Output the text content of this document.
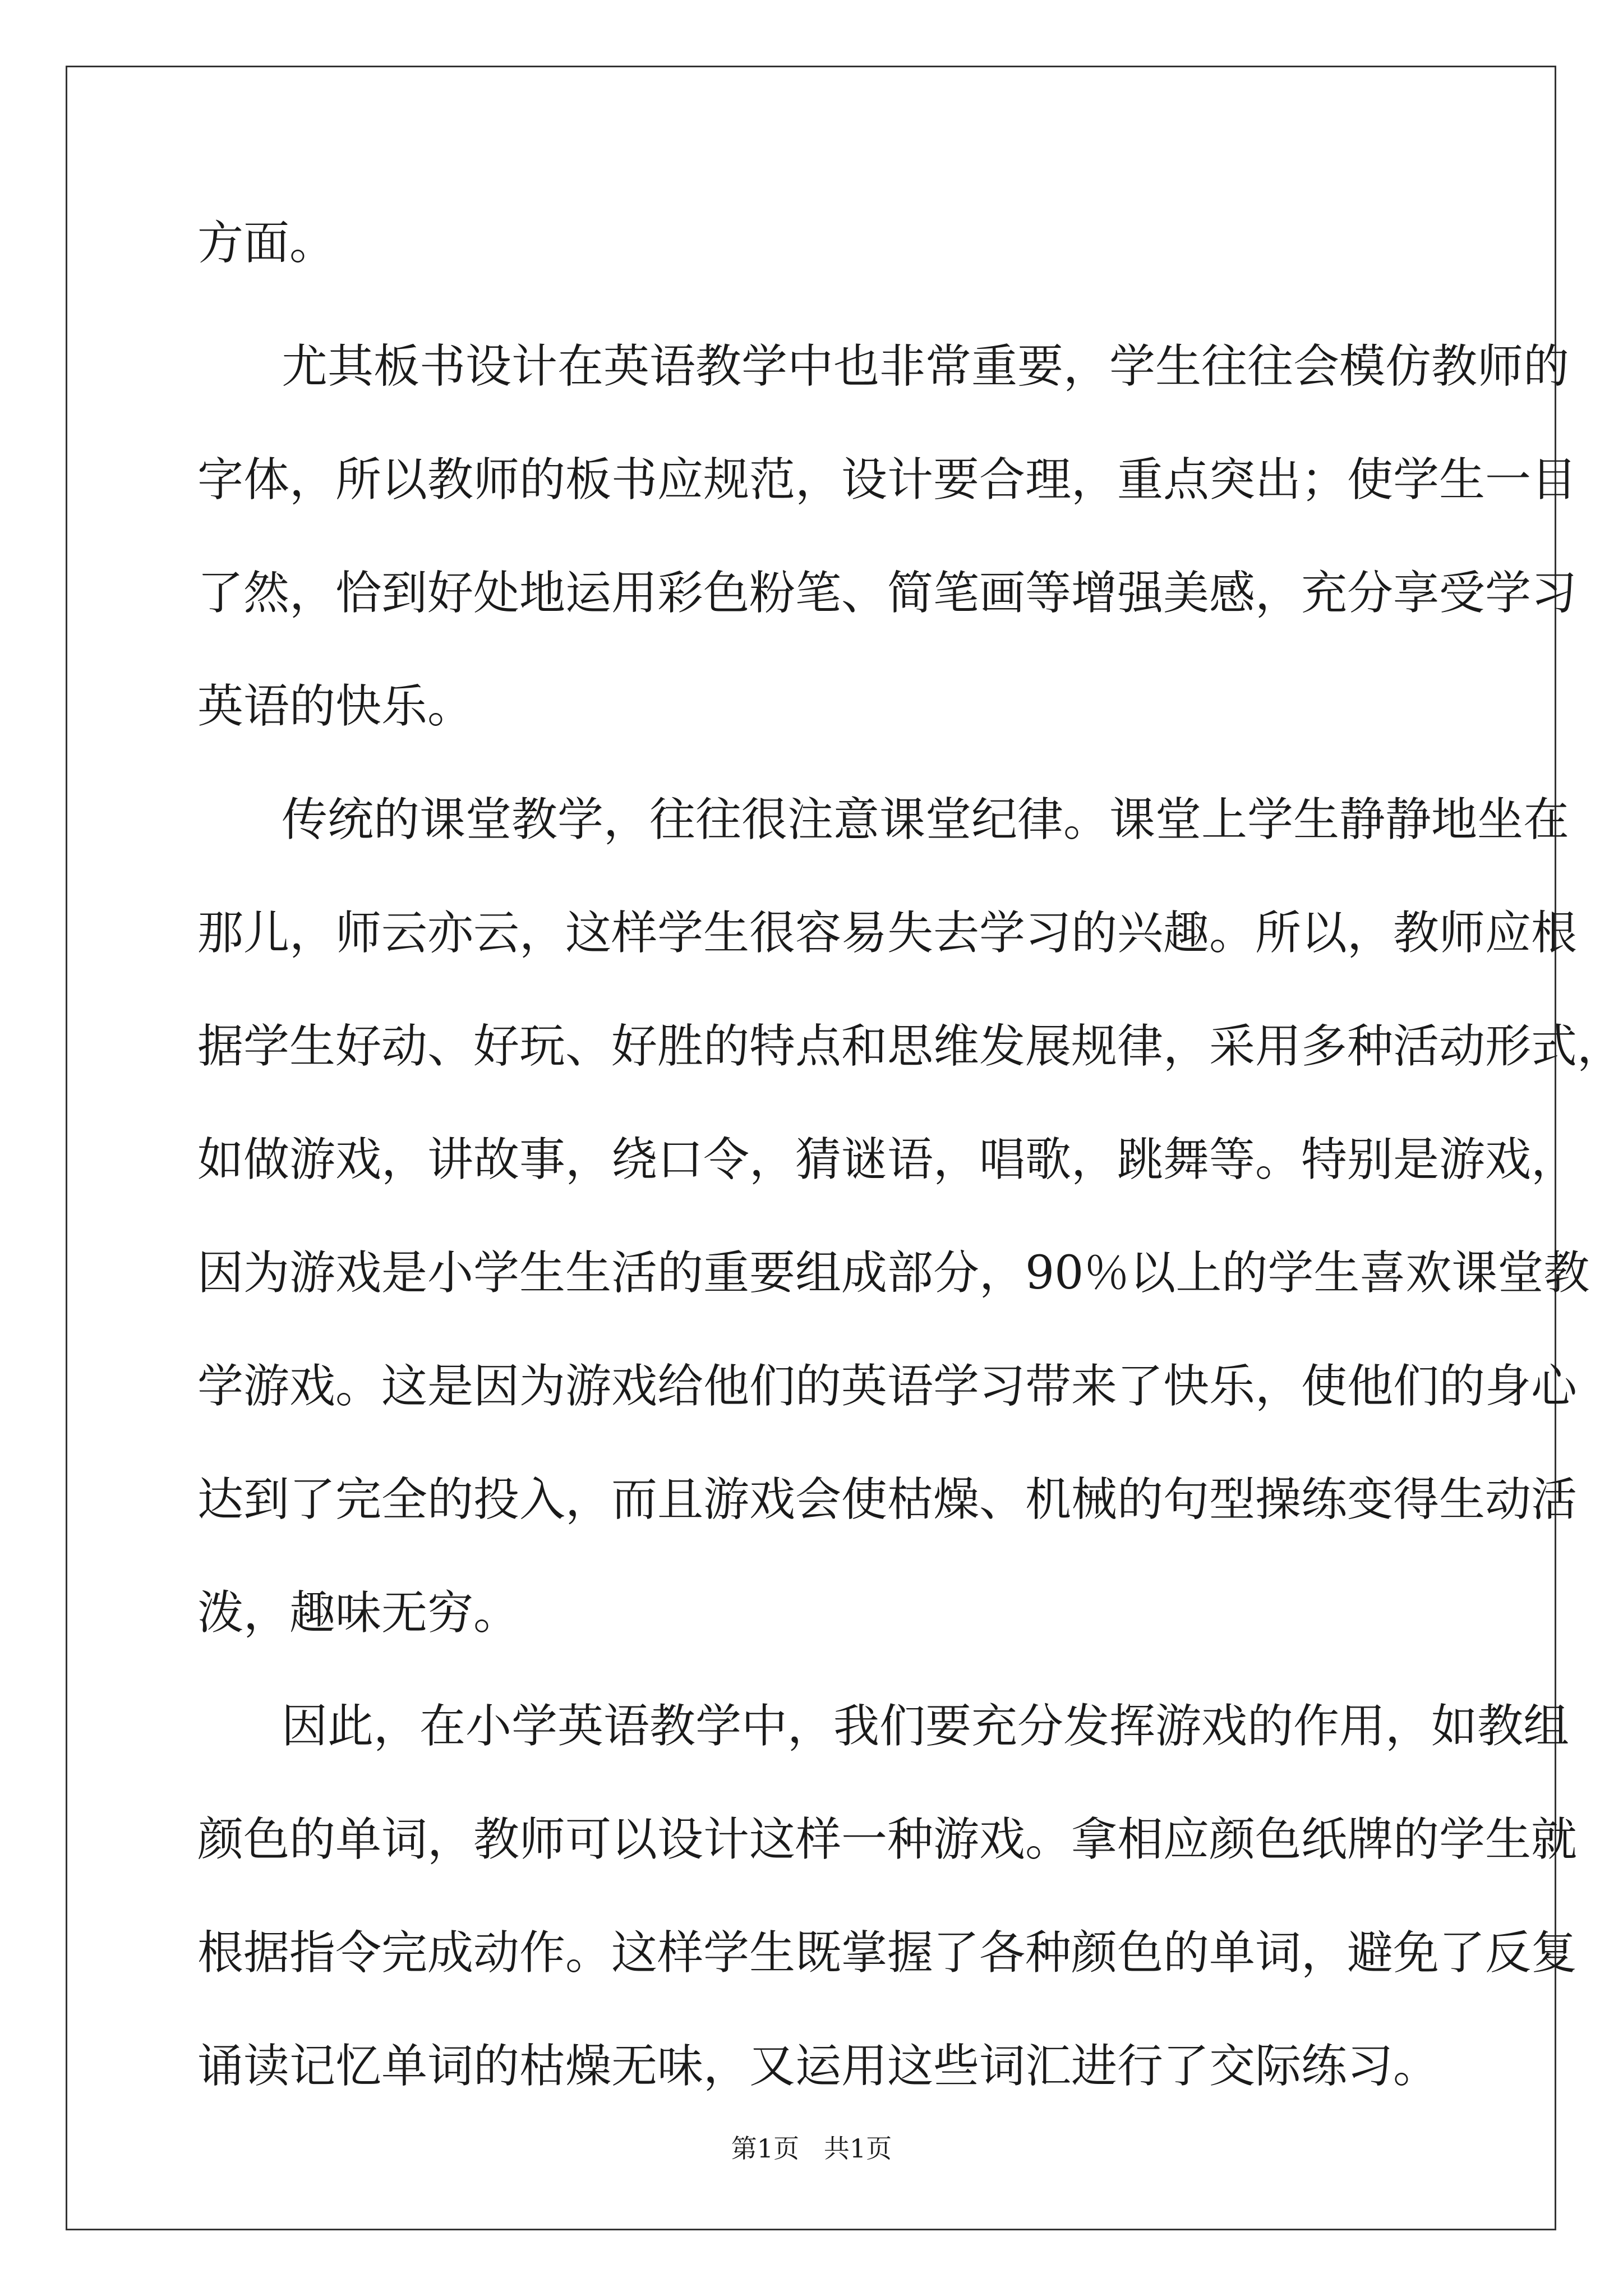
方面。
尤其板书设计在英语教学中也非常重要，学生往往会模仿教师的
字体，所以教师的板书应规范，设计要合理，重点突出；使学生一目
了然，恰到好处地运用彩色粉笔、简笔画等增强美感，充分享受学习
英语的快乐。
传统的课堂教学，往往很注意课堂纪律。课堂上学生静静地坐在
那儿，师云亦云，这样学生很容易失去学习的兴趣。所以，教师应根
据学生好动、好玩、好胜的特点和思维发展规律，采用多种活动形式，
如做游戏，讲故事，绕口令，猜谜语，唱歌，跳舞等。特别是游戏，
因为游戏是小学生生活的重要组成部分，90％以上的学生喜欢课堂教
学游戏。这是因为游戏给他们的英语学习带来了快乐，使他们的身心
达到了完全的投入，而且游戏会使枯燥、机械的句型操练变得生动活
泼，趣味无穷。
因此，在小学英语教学中，我们要充分发挥游戏的作用，如教组
颜色的单词，教师可以设计这样一种游戏。拿相应颜色纸牌的学生就
根据指令完成动作。这样学生既掌握了各种颜色的单词，避免了反复
诵读记忆单词的枯燥无味，又运用这些词汇进行了交际练习。
第1页   共1页
